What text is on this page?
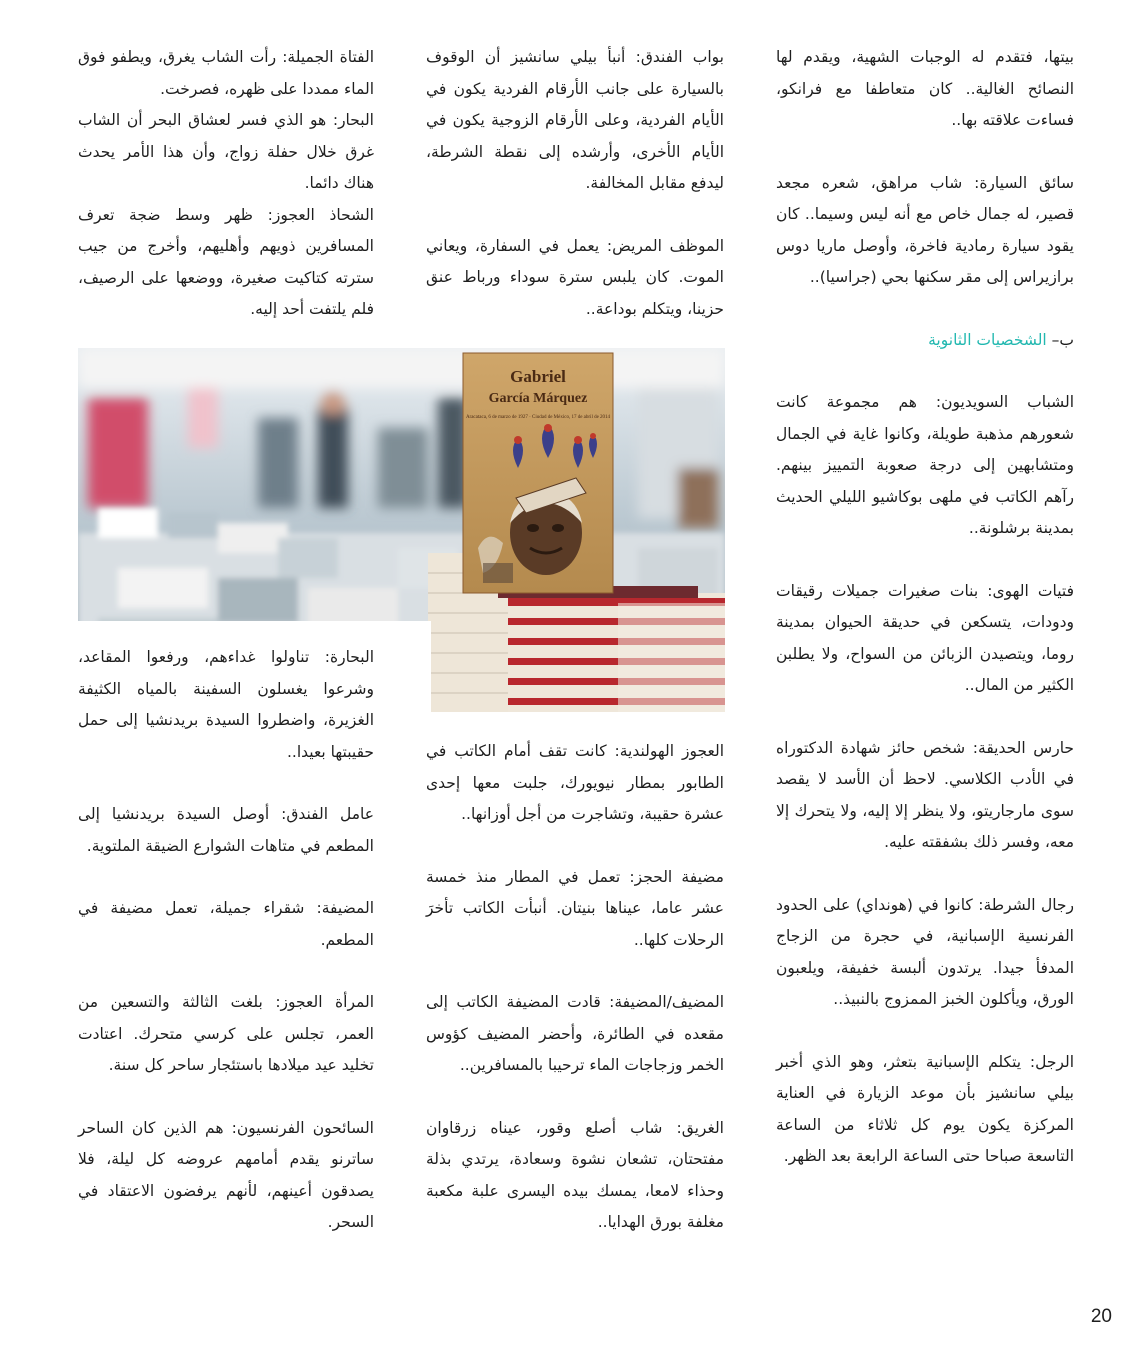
بيتها، فتقدم له الوجبات الشهية، ويقدم لها النصائح الغالية.. كان متعاطفا مع فرانكو، فساءت علاقته بها..

سائق السيارة: شاب مراهق، شعره مجعد قصير، له جمال خاص مع أنه ليس وسيما.. كان يقود سيارة رمادية فاخرة، وأوصل ماريا دوس برازيراس إلى مقر سكنها بحي (جراسيا)..

ب– الشخصيات الثانوية

الشباب السويديون: هم مجموعة كانت شعورهم مذهبة طويلة، وكانوا غاية في الجمال ومتشابهين إلى درجة صعوبة التمييز بينهم. رآهم الكاتب في ملهى بوكاشيو الليلي الحديث بمدينة برشلونة..

فتيات الهوى: بنات صغيرات جميلات رقيقات ودودات، يتسكعن في حديقة الحيوان بمدينة روما، ويتصيدن الزبائن من السواح، ولا يطلبن الكثير من المال..

حارس الحديقة: شخص حائز شهادة الدكتوراه في الأدب الكلاسي. لاحظ أن الأسد لا يقصد سوى مارجاريتو، ولا ينظر إلا إليه، ولا يتحرك إلا معه، وفسر ذلك بشفقته عليه.

رجال الشرطة: كانوا في (هونداي) على الحدود الفرنسية الإسبانية، في حجرة من الزجاج المدفأ جيدا. يرتدون ألبسة خفيفة، ويلعبون الورق، ويأكلون الخبز الممزوج بالنبيذ..

الرجل: يتكلم الإسبانية بتعثر، وهو الذي أخبر بيلي سانشيز بأن موعد الزيارة في العناية المركزة يكون يوم كل ثلاثاء من الساعة التاسعة صباحا حتى الساعة الرابعة بعد الظهر.

بواب الفندق: أنبأ بيلي سانشيز أن الوقوف بالسيارة على جانب الأرقام الفردية يكون في الأيام الفردية، وعلى الأرقام الزوجية يكون في الأيام الأخرى، وأرشده إلى نقطة الشرطة، ليدفع مقابل المخالفة.

الموظف المريض: يعمل في السفارة، ويعاني الموت. كان يلبس سترة سوداء ورباط عنق حزينا، ويتكلم بوداعة..

الفتاة الجميلة: رأت الشاب يغرق، ويطفو فوق الماء ممددا على ظهره، فصرخت.

البحار: هو الذي فسر لعشاق البحر أن الشاب غرق خلال حفلة زواج، وأن هذا الأمر يحدث هناك دائما.

الشحاذ العجوز: ظهر وسط ضجة تعرف المسافرين ذويهم وأهليهم، وأخرج من جيب سترته كتاكيت صغيرة، ووضعها على الرصيف، فلم يلتفت أحد إليه.

Gabriel
García Márquez
Aracataca, 6 de marzo de 1927 · Ciudad de México, 17 de abril de 2014

البحارة: تناولوا غداءهم، ورفعوا المقاعد، وشرعوا يغسلون السفينة بالمياه الكثيفة الغزيرة، واضطروا السيدة بريدنشيا إلى حمل حقيبتها بعيدا..

عامل الفندق: أوصل السيدة بريدنشيا إلى المطعم في متاهات الشوارع الضيقة الملتوية.

المضيفة: شقراء جميلة، تعمل مضيفة في المطعم.

المرأة العجوز: بلغت الثالثة والتسعين من العمر، تجلس على كرسي متحرك. اعتادت تخليد عيد ميلادها باستئجار ساحر كل سنة.

السائحون الفرنسيون: هم الذين كان الساحر ساترنو يقدم أمامهم عروضه كل ليلة، فلا يصدقون أعينهم، لأنهم يرفضون الاعتقاد في السحر.

العجوز الهولندية: كانت تقف أمام الكاتب في الطابور بمطار نيويورك، جلبت معها إحدى عشرة حقيبة، وتشاجرت من أجل أوزانها..

مضيفة الحجز: تعمل في المطار منذ خمسة عشر عاما، عيناها بنيتان. أنبأت الكاتب تأخرَ الرحلات كلها..

المضيف/المضيفة: قادت المضيفة الكاتب إلى مقعده في الطائرة، وأحضر المضيف كؤوس الخمر وزجاجات الماء ترحيبا بالمسافرين..

الغريق: شاب أصلع وقور، عيناه زرقاوان مفتحتان، تشعان نشوة وسعادة، يرتدي بذلة وحذاء لامعا، يمسك بيده اليسرى علبة مكعبة مغلفة بورق الهدايا..

20
